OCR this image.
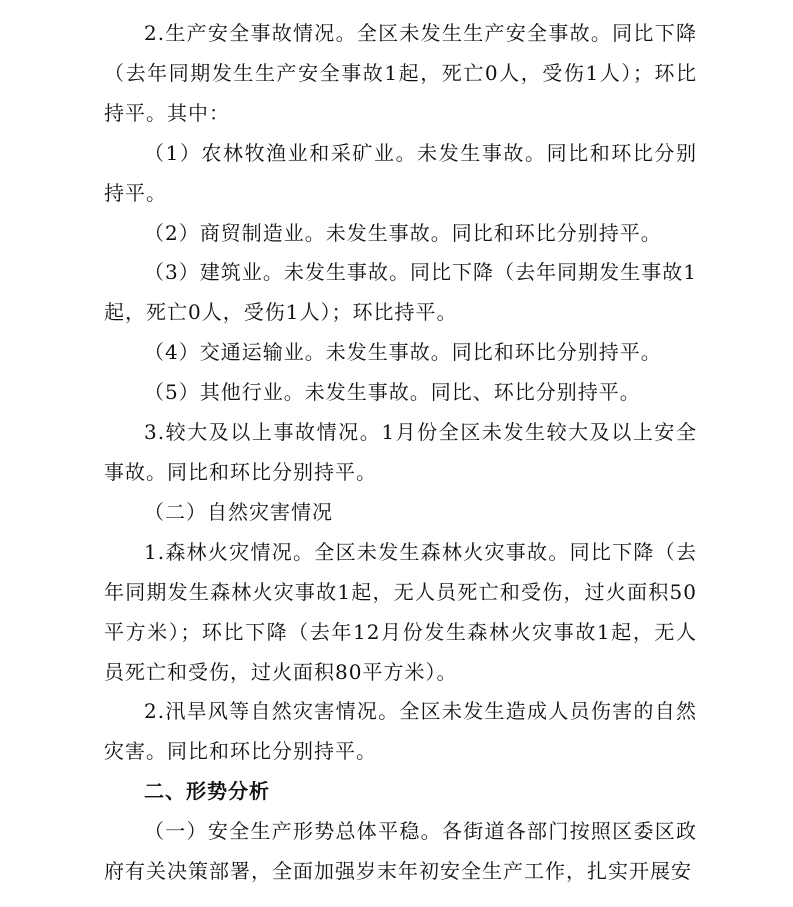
2.生产安全事故情况。全区未发生生产安全事故。同比下降（去年同期发生生产安全事故1起，死亡0人，受伤1人）；环比持平。其中：

（1）农林牧渔业和采矿业。未发生事故。同比和环比分别持平。

（2）商贸制造业。未发生事故。同比和环比分别持平。

（3）建筑业。未发生事故。同比下降（去年同期发生事故1起，死亡0人，受伤1人）；环比持平。

（4）交通运输业。未发生事故。同比和环比分别持平。

（5）其他行业。未发生事故。同比、环比分别持平。

3.较大及以上事故情况。1月份全区未发生较大及以上安全事故。同比和环比分别持平。

（二）自然灾害情况

1.森林火灾情况。全区未发生森林火灾事故。同比下降（去年同期发生森林火灾事故1起，无人员死亡和受伤，过火面积50平方米）；环比下降（去年12月份发生森林火灾事故1起，无人员死亡和受伤，过火面积80平方米）。

2.汛旱风等自然灾害情况。全区未发生造成人员伤害的自然灾害。同比和环比分别持平。

二、形势分析

（一）安全生产形势总体平稳。各街道各部门按照区委区政府有关决策部署，全面加强岁末年初安全生产工作，扎实开展安
